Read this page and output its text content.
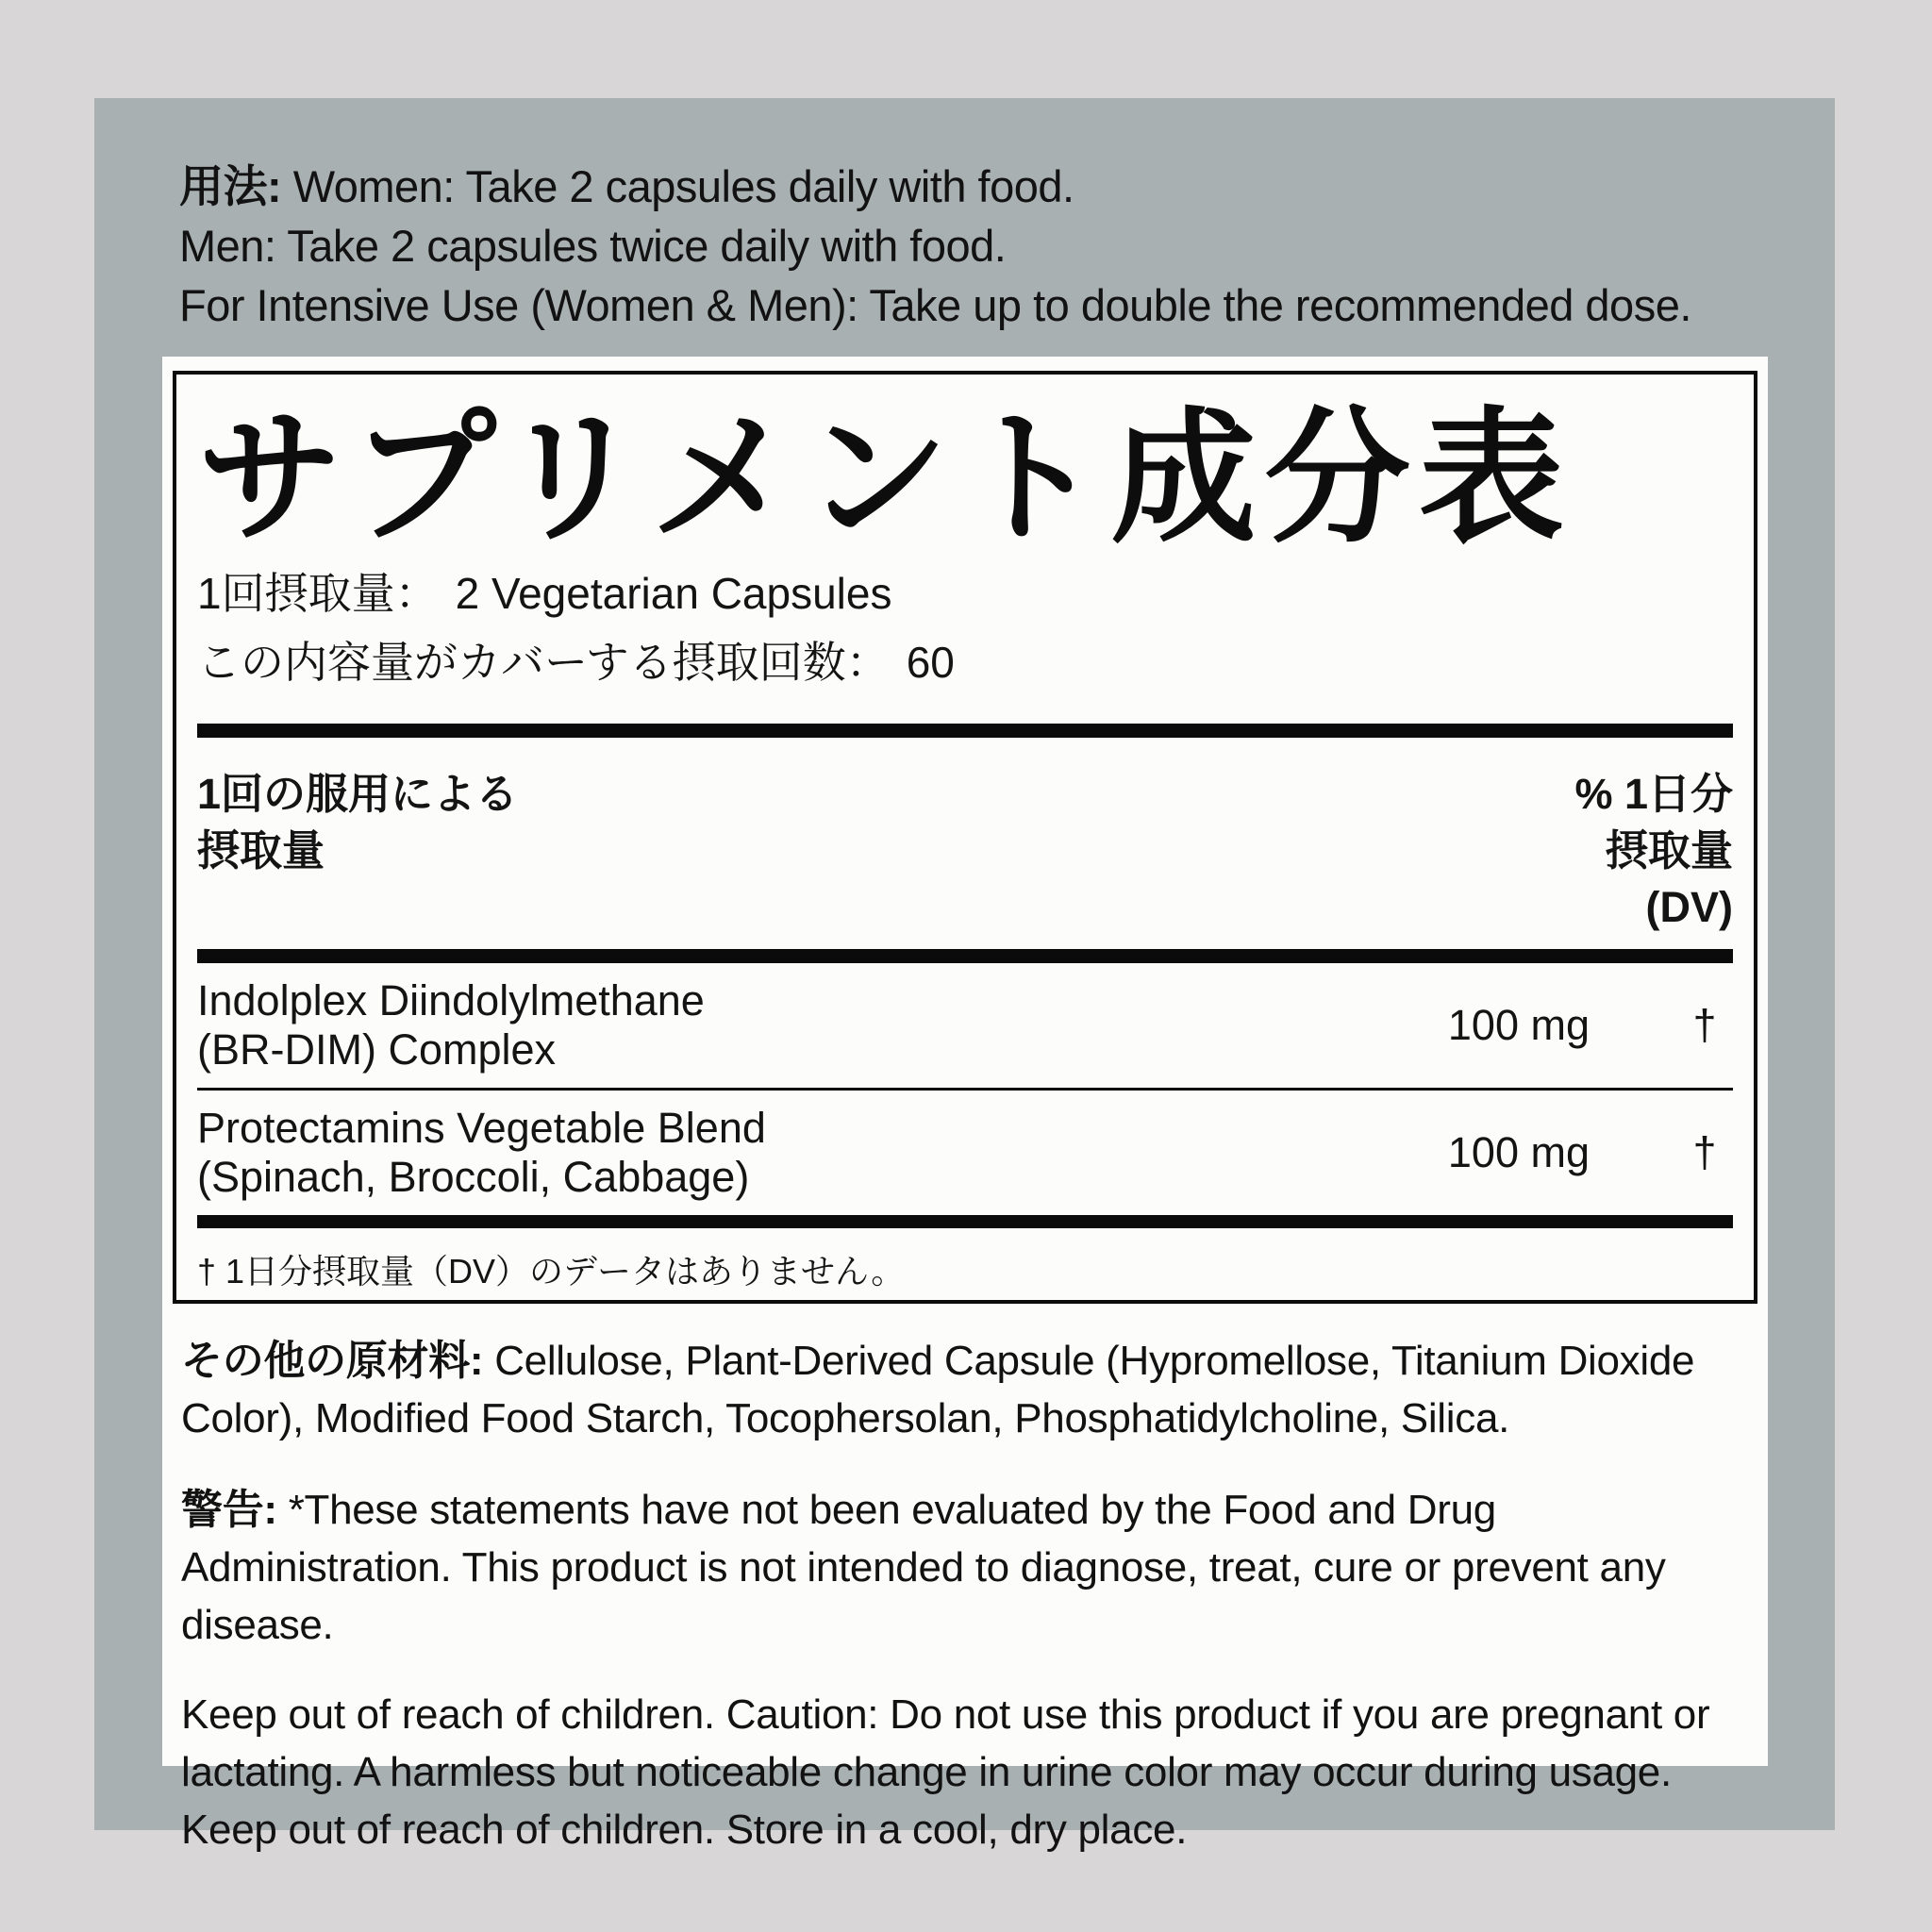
用法: Women: Take 2 capsules daily with food.
Men: Take 2 capsules twice daily with food.
For Intensive Use (Women & Men): Take up to double the recommended dose.
サプリメント成分表
1回摂取量： 2 Vegetarian Capsules
この内容量がカバーする摂取回数： 60
1回の服用による
摂取量
% 1日分
摂取量
(DV)
Indolplex Diindolylmethane
(BR-DIM) Complex
100 mg	†
Protectamins Vegetable Blend
(Spinach, Broccoli, Cabbage)
100 mg	†
† 1日分摂取量（DV）のデータはありません。

その他の原材料: Cellulose, Plant-Derived Capsule (Hypromellose, Titanium Dioxide Color), Modified Food Starch, Tocophersolan, Phosphatidylcholine, Silica.

警告: *These statements have not been evaluated by the Food and Drug Administration. This product is not intended to diagnose, treat, cure or prevent any disease.

Keep out of reach of children. Caution: Do not use this product if you are pregnant or lactating. A harmless but noticeable change in urine color may occur during usage. Keep out of reach of children. Store in a cool, dry place.
